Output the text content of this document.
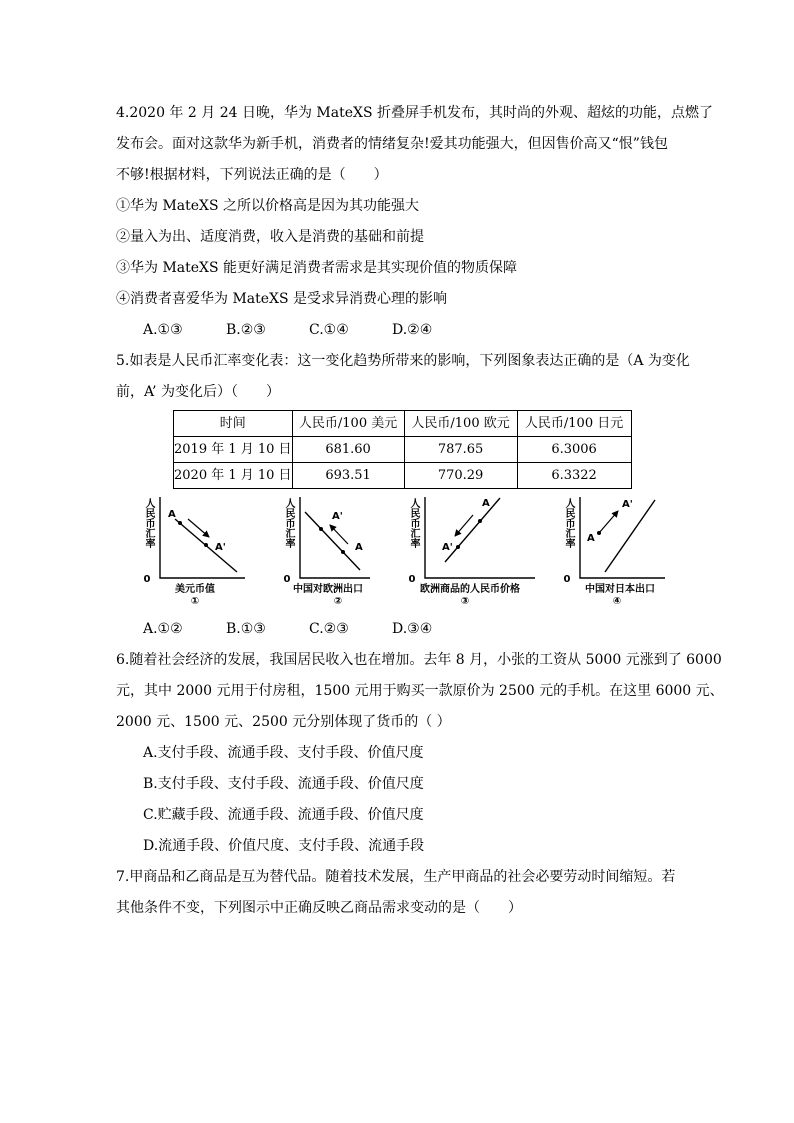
4.2020 年 2 月 24 日晚，华为 MateXS 折叠屏手机发布，其时尚的外观、超炫的功能，点燃了
发布会。面对这款华为新手机，消费者的情绪复杂!爱其功能强大，但因售价高又“恨”钱包
不够!根据材料，下列说法正确的是（　　）
①华为 MateXS 之所以价格高是因为其功能强大
②量入为出、适度消费，收入是消费的基础和前提
③华为 MateXS 能更好满足消费者需求是其实现价值的物质保障
④消费者喜爱华为 MateXS 是受求异消费心理的影响
A.①③	B.②③	C.①④	D.②④
5.如表是人民币汇率变化表：这一变化趋势所带来的影响，下列图象表达正确的是（A 为变化
前，A’ 为变化后）（　　）
时间	人民币/100 美元	人民币/100 欧元	人民币/100 日元
2019 年 1 月 10 日	681.60	787.65	6.3006
2020 年 1 月 10 日	693.51	770.29	6.3322
人民币汇率 A
A'
0
美元币值
①
人民币汇率	A
A'
0
中国对欧洲出口
②
人民币汇率	A
A'
0
欧洲商品的人民币价格
③
人民币汇率 A
A'
0
中国对日本出口
④
A.①②	B.①③	C.②③	D.③④
6.随着社会经济的发展，我国居民收入也在增加。去年 8 月，小张的工资从 5000 元涨到了 6000
元，其中 2000 元用于付房租，1500 元用于购买一款原价为 2500 元的手机。在这里 6000 元、
2000 元、1500 元、2500 元分别体现了货币的（ ）
A.支付手段、流通手段、支付手段、价值尺度
B.支付手段、支付手段、流通手段、价值尺度
C.贮藏手段、流通手段、流通手段、价值尺度
D.流通手段、价值尺度、支付手段、流通手段
7.甲商品和乙商品是互为替代品。随着技术发展，生产甲商品的社会必要劳动时间缩短。若
其他条件不变，下列图示中正确反映乙商品需求变动的是（　　）
